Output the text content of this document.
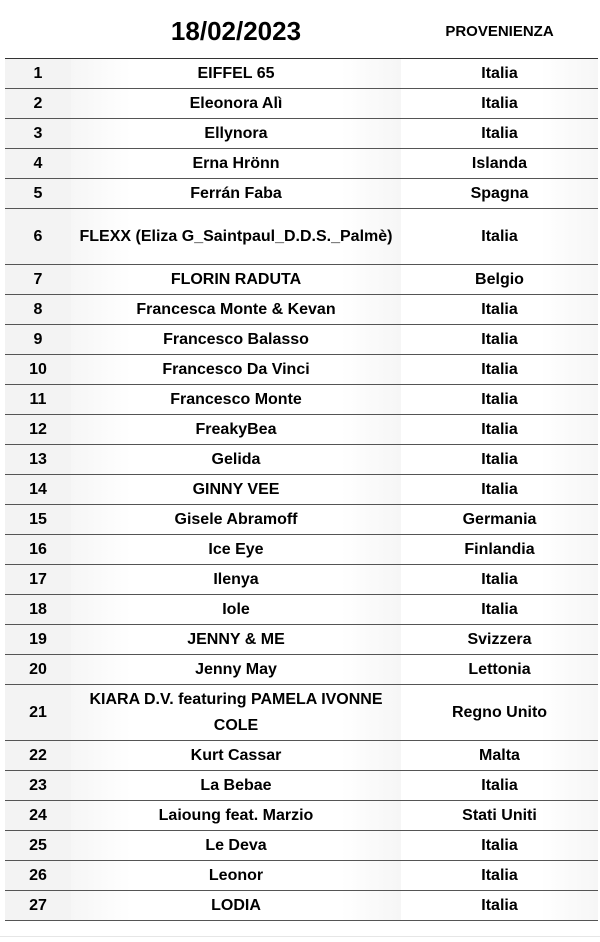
	18/02/2023	PROVENIENZA
1	EIFFEL 65	Italia
2	Eleonora Alì	Italia
3	Ellynora	Italia
4	Erna Hrönn	Islanda
5	Ferrán Faba	Spagna
6	FLEXX (Eliza G_Saintpaul_D.D.S._Palmè)	Italia
7	FLORIN RADUTA	Belgio
8	Francesca Monte & Kevan	Italia
9	Francesco Balasso	Italia
10	Francesco Da Vinci	Italia
11	Francesco Monte	Italia
12	FreakyBea	Italia
13	Gelida	Italia
14	GINNY VEE	Italia
15	Gisele Abramoff	Germania
16	Ice Eye	Finlandia
17	Ilenya	Italia
18	Iole	Italia
19	JENNY & ME	Svizzera
20	Jenny May	Lettonia
21	KIARA D.V. featuring PAMELA IVONNE COLE	Regno Unito
22	Kurt Cassar	Malta
23	La Bebae	Italia
24	Laioung feat. Marzio	Stati Uniti
25	Le Deva	Italia
26	Leonor	Italia
27	LODIA	Italia
